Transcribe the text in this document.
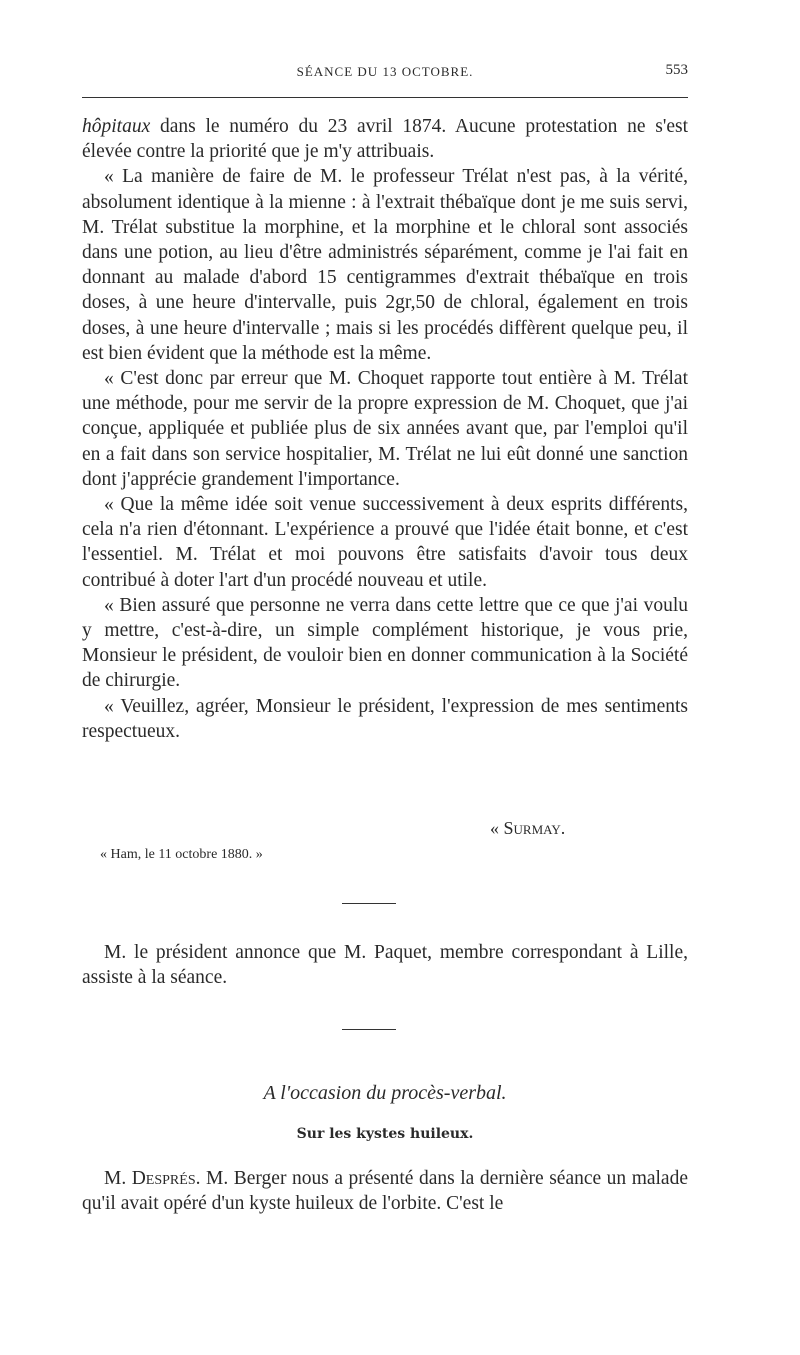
SÉANCE DU 13 OCTOBRE.	553

hôpitaux dans le numéro du 23 avril 1874. Aucune protestation ne s'est élevée contre la priorité que je m'y attribuais.

« La manière de faire de M. le professeur Trélat n'est pas, à la vérité, absolument identique à la mienne : à l'extrait thébaïque dont je me suis servi, M. Trélat substitue la morphine, et la morphine et le chloral sont associés dans une potion, au lieu d'être administrés séparément, comme je l'ai fait en donnant au malade d'abord 15 centigrammes d'extrait thébaïque en trois doses, à une heure d'intervalle, puis 2gr,50 de chloral, également en trois doses, à une heure d'intervalle ; mais si les procédés diffèrent quelque peu, il est bien évident que la méthode est la même.

« C'est donc par erreur que M. Choquet rapporte tout entière à M. Trélat une méthode, pour me servir de la propre expression de M. Choquet, que j'ai conçue, appliquée et publiée plus de six années avant que, par l'emploi qu'il en a fait dans son service hospitalier, M. Trélat ne lui eût donné une sanction dont j'apprécie grandement l'importance.

« Que la même idée soit venue successivement à deux esprits différents, cela n'a rien d'étonnant. L'expérience a prouvé que l'idée était bonne, et c'est l'essentiel. M. Trélat et moi pouvons être satisfaits d'avoir tous deux contribué à doter l'art d'un procédé nouveau et utile.

« Bien assuré que personne ne verra dans cette lettre que ce que j'ai voulu y mettre, c'est-à-dire, un simple complément historique, je vous prie, Monsieur le président, de vouloir bien en donner communication à la Société de chirurgie.

« Veuillez, agréer, Monsieur le président, l'expression de mes sentiments respectueux.

« Surmay.
« Ham, le 11 octobre 1880. »

M. le président annonce que M. Paquet, membre correspondant à Lille, assiste à la séance.

A l'occasion du procès-verbal.
Sur les kystes huileux.

M. Després. M. Berger nous a présenté dans la dernière séance un malade qu'il avait opéré d'un kyste huileux de l'orbite. C'est le
